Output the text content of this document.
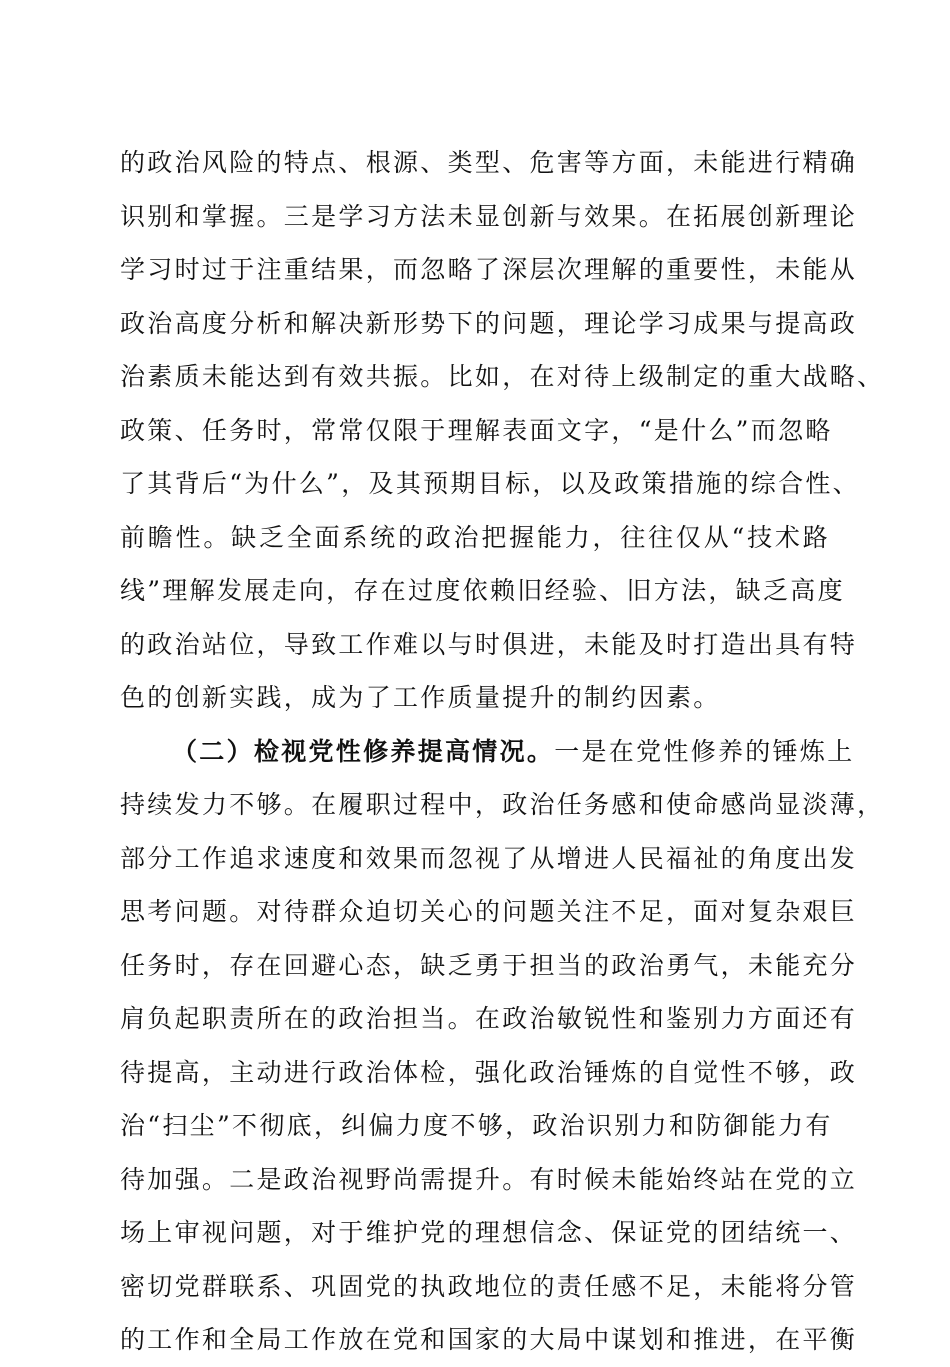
的政治风险的特点、根源、类型、危害等方面，未能进行精确
识别和掌握。三是学习方法未显创新与效果。在拓展创新理论
学习时过于注重结果，而忽略了深层次理解的重要性，未能从
政治高度分析和解决新形势下的问题，理论学习成果与提高政
治素质未能达到有效共振。比如，在对待上级制定的重大战略、
政策、任务时，常常仅限于理解表面文字，“是什么”而忽略
了其背后“为什么”，及其预期目标，以及政策措施的综合性、
前瞻性。缺乏全面系统的政治把握能力，往往仅从“技术路
线”理解发展走向，存在过度依赖旧经验、旧方法，缺乏高度
的政治站位，导致工作难以与时俱进，未能及时打造出具有特
色的创新实践，成为了工作质量提升的制约因素。
（二）检视党性修养提高情况。一是在党性修养的锤炼上
持续发力不够。在履职过程中，政治任务感和使命感尚显淡薄，
部分工作追求速度和效果而忽视了从增进人民福祉的角度出发
思考问题。对待群众迫切关心的问题关注不足，面对复杂艰巨
任务时，存在回避心态，缺乏勇于担当的政治勇气，未能充分
肩负起职责所在的政治担当。在政治敏锐性和鉴别力方面还有
待提高，主动进行政治体检，强化政治锤炼的自觉性不够，政
治“扫尘”不彻底，纠偏力度不够，政治识别力和防御能力有
待加强。二是政治视野尚需提升。有时候未能始终站在党的立
场上审视问题，对于维护党的理想信念、保证党的团结统一、
密切党群联系、巩固党的执政地位的责任感不足，未能将分管
的工作和全局工作放在党和国家的大局中谋划和推进，在平衡
